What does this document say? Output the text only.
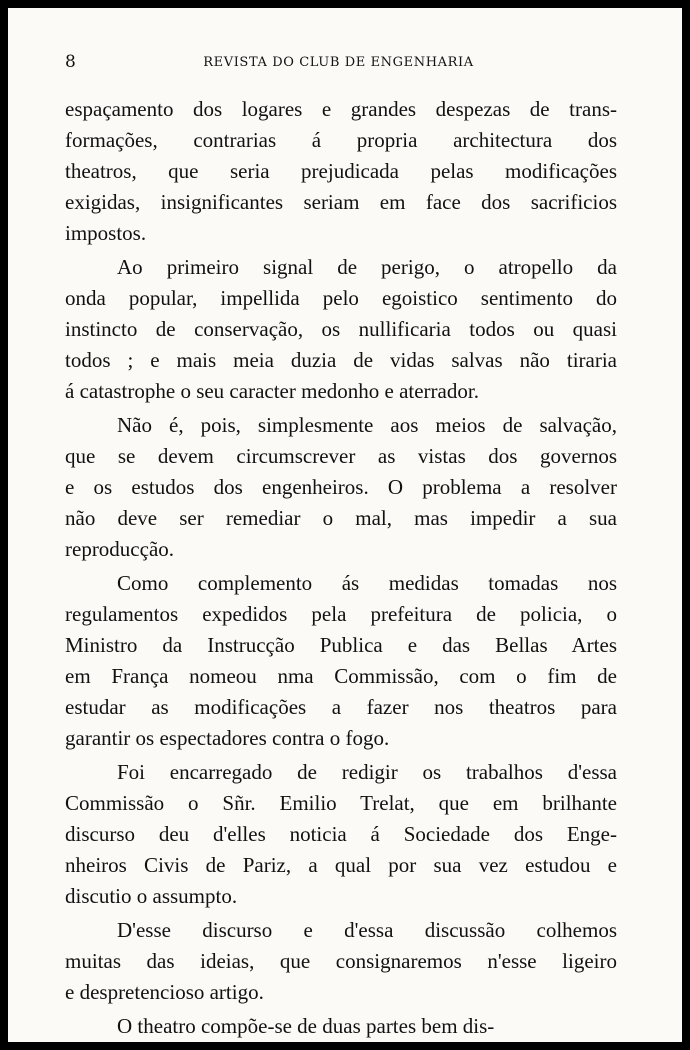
8	REVISTA DO CLUB DE ENGENHARIA
espaçamento dos logares e grandes despezas de trans-
formações, contrarias á propria architectura dos
theatros, que seria prejudicada pelas modificações
exigidas, insignificantes seriam em face dos sacrificios
impostos.
Ao primeiro signal de perigo, o atropello da
onda popular, impellida pelo egoistico sentimento do
instincto de conservação, os nullificaria todos ou quasi
todos ; e mais meia duzia de vidas salvas não tiraria
á catastrophe o seu caracter medonho e aterrador.
Não é, pois, simplesmente aos meios de salvação,
que se devem circumscrever as vistas dos governos
e os estudos dos engenheiros. O problema a resolver
não deve ser remediar o mal, mas impedir a sua
reproducção.
Como complemento ás medidas tomadas nos
regulamentos expedidos pela prefeitura de policia, o
Ministro da Instrucção Publica e das Bellas Artes
em França nomeou nma Commissão, com o fim de
estudar as modificações a fazer nos theatros para
garantir os espectadores contra o fogo.
Foi encarregado de redigir os trabalhos d'essa
Commissão o Sñr. Emilio Trelat, que em brilhante
discurso deu d'elles noticia á Sociedade dos Enge-
nheiros Civis de Pariz, a qual por sua vez estudou e
discutio o assumpto.
D'esse discurso e d'essa discussão colhemos
muitas das ideias, que consignaremos n'esse ligeiro
e despretencioso artigo.
O theatro compõe-se de duas partes bem dis-
